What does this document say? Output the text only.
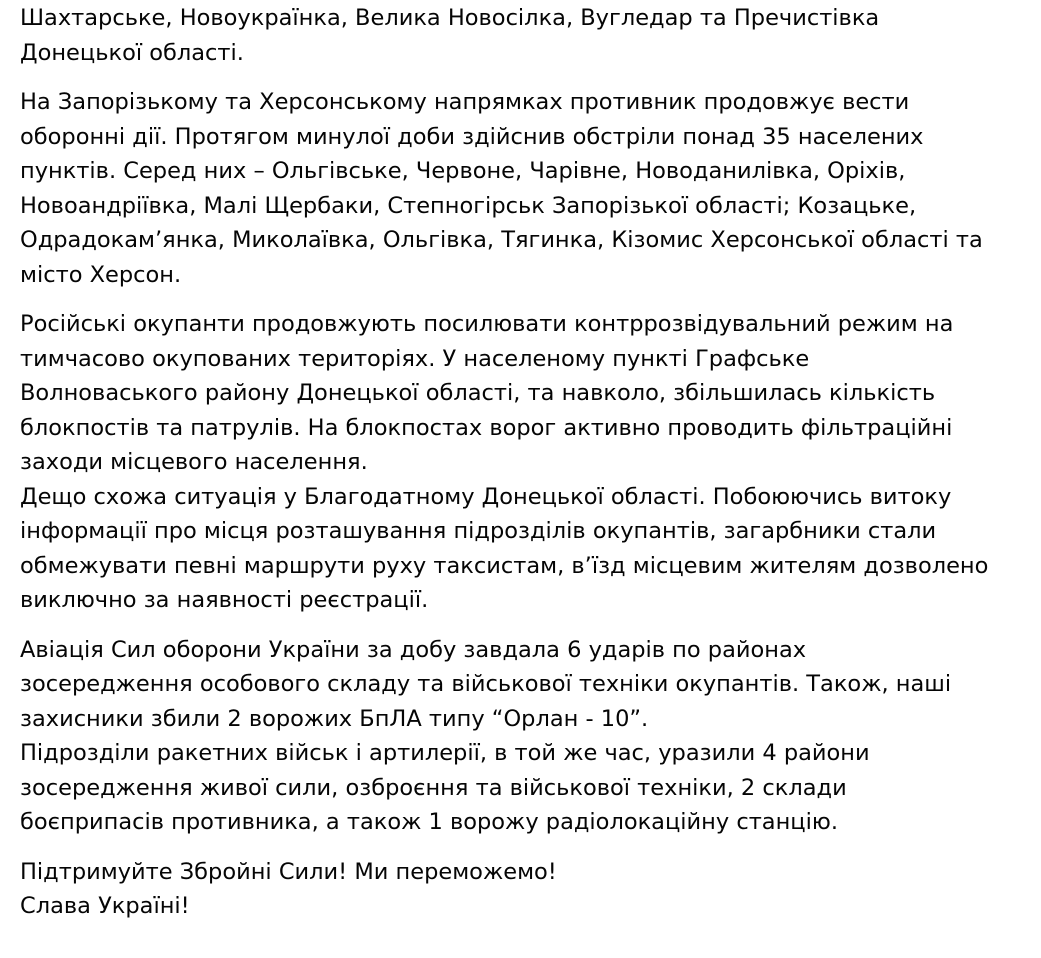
Шахтарське, Новоукраїнка, Велика Новосілка, Вугледар та Пречистівка
Донецької області.
На Запорізькому та Херсонському напрямках противник продовжує вести
оборонні дії. Протягом минулої доби здійснив обстріли понад 35 населених
пунктів. Серед них – Ольгівське, Червоне, Чарівне, Новоданилівка, Оріхів,
Новоандріївка, Малі Щербаки, Степногірськ Запорізької області; Козацьке,
Одрадокам’янка, Миколаївка, Ольгівка, Тягинка, Кізомис Херсонської області та
місто Херсон.
Російські окупанти продовжують посилювати контррозвідувальний режим на
тимчасово окупованих територіях. У населеному пункті Графське
Волноваського району Донецької області, та навколо, збільшилась кількість
блокпостів та патрулів. На блокпостах ворог активно проводить фільтраційні
заходи місцевого населення.
Дещо схожа ситуація у Благодатному Донецької області. Побоюючись витоку
інформації про місця розташування підрозділів окупантів, загарбники стали
обмежувати певні маршрути руху таксистам, в’їзд місцевим жителям дозволено
виключно за наявності реєстрації.
Авіація Сил оборони України за добу завдала 6 ударів по районах
зосередження особового складу та військової техніки окупантів. Також, наші
захисники збили 2 ворожих БпЛА типу “Орлан - 10”.
Підрозділи ракетних військ і артилерії, в той же час, уразили 4 райони
зосередження живої сили, озброєння та військової техніки, 2 склади
боєприпасів противника, а також 1 ворожу радіолокаційну станцію.
Підтримуйте Збройні Сили! Ми переможемо!
Слава Україні!
